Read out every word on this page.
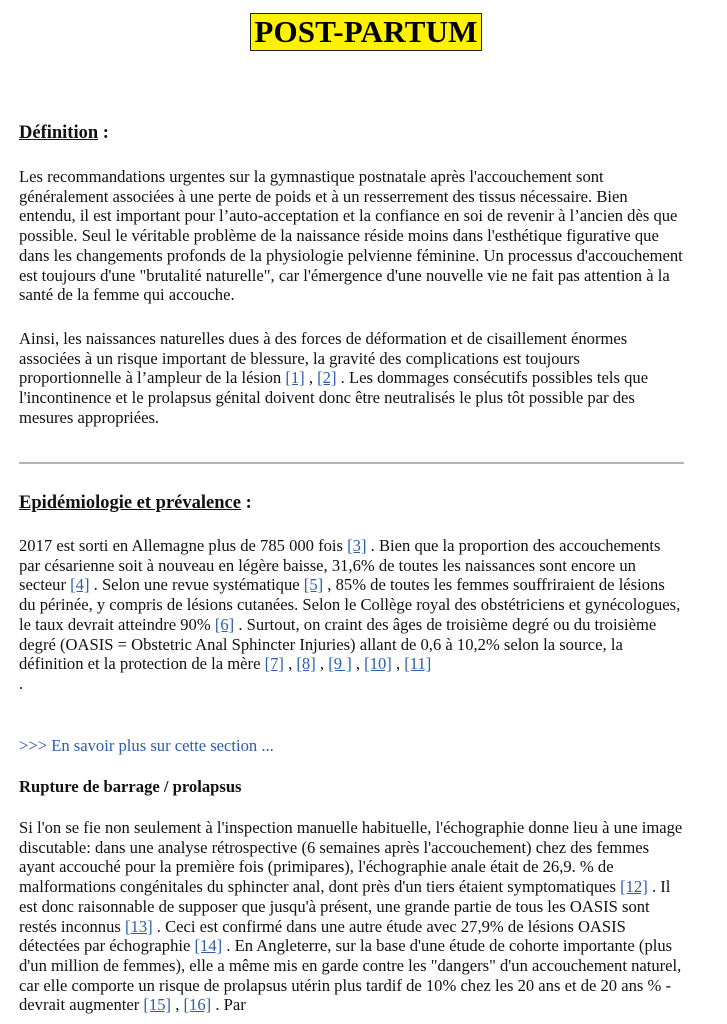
POST-PARTUM

Définition :

Les recommandations urgentes sur la gymnastique postnatale après l'accouchement sont généralement associées à une perte de poids et à un resserrement des tissus nécessaire. Bien entendu, il est important pour l’auto-acceptation et la confiance en soi de revenir à l’ancien dès que possible. Seul le véritable problème de la naissance réside moins dans l'esthétique figurative que dans les changements profonds de la physiologie pelvienne féminine. Un processus d'accouchement est toujours d'une "brutalité naturelle", car l'émergence d'une nouvelle vie ne fait pas attention à la santé de la femme qui accouche.

Ainsi, les naissances naturelles dues à des forces de déformation et de cisaillement énormes associées à un risque important de blessure, la gravité des complications est toujours proportionnelle à l’ampleur de la lésion [1] , [2] . Les dommages consécutifs possibles tels que l'incontinence et le prolapsus génital doivent donc être neutralisés le plus tôt possible par des mesures appropriées.

Epidémiologie et prévalence :

2017 est sorti en Allemagne plus de 785 000 fois [3] . Bien que la proportion des accouchements par césarienne soit à nouveau en légère baisse, 31,6% de toutes les naissances sont encore un secteur [4] . Selon une revue systématique [5] , 85% de toutes les femmes souffriraient de lésions du périnée, y compris de lésions cutanées. Selon le Collège royal des obstétriciens et gynécologues, le taux devrait atteindre 90% [6] . Surtout, on craint des âges de troisième degré ou du troisième degré (OASIS = Obstetric Anal Sphincter Injuries) allant de 0,6 à 10,2% selon la source, la définition et la protection de la mère [7] , [8] , [9 ] , [10] , [11]
.

>>> En savoir plus sur cette section ...

Rupture de barrage / prolapsus

Si l'on se fie non seulement à l'inspection manuelle habituelle, l'échographie donne lieu à une image discutable: dans une analyse rétrospective (6 semaines après l'accouchement) chez des femmes ayant accouché pour la première fois (primipares), l'échographie anale était de 26,9. % de malformations congénitales du sphincter anal, dont près d'un tiers étaient symptomatiques [12] . Il est donc raisonnable de supposer que jusqu'à présent, une grande partie de tous les OASIS sont restés inconnus [13] . Ceci est confirmé dans une autre étude avec 27,9% de lésions OASIS détectées par échographie [14] . En Angleterre, sur la base d'une étude de cohorte importante (plus d'un million de femmes), elle a même mis en garde contre les "dangers" d'un accouchement naturel, car elle comporte un risque de prolapsus utérin plus tardif de 10% chez les 20 ans et de 20 ans % - devrait augmenter [15] , [16] . Par
